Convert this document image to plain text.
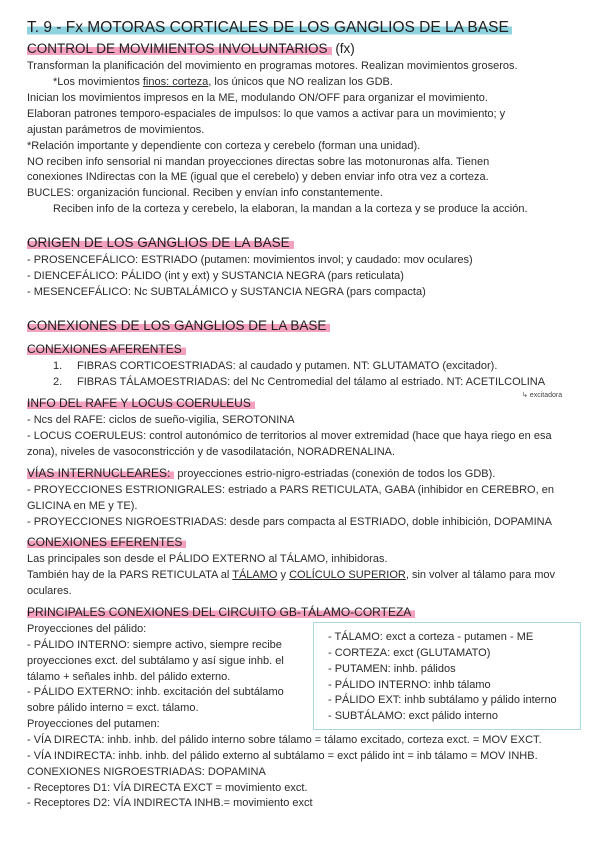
T. 9 - Fx MOTORAS CORTICALES DE LOS GANGLIOS DE LA BASE
CONTROL DE MOVIMIENTOS INVOLUNTARIOS (fx)
Transforman la planificación del movimiento en programas motores. Realizan movimientos groseros.
*Los movimientos finos: corteza, los únicos que NO realizan los GDB.
Inician los movimientos impresos en la ME, modulando ON/OFF para organizar el movimiento.
Elaboran patrones temporo-espaciales de impulsos: lo que vamos a activar para un movimiento; y
ajustan parámetros de movimientos.
*Relación importante y dependiente con corteza y cerebelo (forman una unidad).
NO reciben info sensorial ni mandan proyecciones directas sobre las motonuronas alfa. Tienen
conexiones INdirectas con la ME (igual que el cerebelo) y deben enviar info otra vez a corteza.
BUCLES: organización funcional. Reciben y envían info constantemente.
Reciben info de la corteza y cerebelo, la elaboran, la mandan a la corteza y se produce la acción.
ORIGEN DE LOS GANGLIOS DE LA BASE
- PROSENCEFÁLICO: ESTRIADO (putamen: movimientos invol; y caudado: mov oculares)
- DIENCEFÁLICO: PÁLIDO (int y ext) y SUSTANCIA NEGRA (pars reticulata)
- MESENCEFÁLICO: Nc SUBTALÁMICO y SUSTANCIA NEGRA (pars compacta)
CONEXIONES DE LOS GANGLIOS DE LA BASE
CONEXIONES AFERENTES
1. FIBRAS CORTICOESTRIADAS: al caudado y putamen. NT: GLUTAMATO (excitador).
2. FIBRAS TÁLAMOESTRIADAS: del Nc Centromedial del tálamo al estriado. NT: ACETILCOLINA
↳ excitadora
INFO DEL RAFE Y LOCUS COERULEUS
- Ncs del RAFE: ciclos de sueño-vigilia, SEROTONINA
- LOCUS COERULEUS: control autonómico de territorios al mover extremidad (hace que haya riego en esa
zona), niveles de vasoconstricción y de vasodilatación, NORADRENALINA.
VÍAS INTERNUCLEARES: proyecciones estrio-nigro-estriadas (conexión de todos los GDB).
- PROYECCIONES ESTRIONIGRALES: estriado a PARS RETICULATA, GABA (inhibidor en CEREBRO, en
GLICINA en ME y TE).
- PROYECCIONES NIGROESTRIADAS: desde pars compacta al ESTRIADO, doble inhibición, DOPAMINA
CONEXIONES EFERENTES
Las principales son desde el PÁLIDO EXTERNO al TÁLAMO, inhibidoras.
También hay de la PARS RETICULATA al TÁLAMO y COLÍCULO SUPERIOR, sin volver al tálamo para mov
oculares.
PRINCIPALES CONEXIONES DEL CIRCUITO GB-TÁLAMO-CORTEZA
Proyecciones del pálido:
- PÁLIDO INTERNO: siempre activo, siempre recibe
proyecciones exct. del subtálamo y así sigue inhb. el
tálamo + señales inhb. del pálido externo.
- PÁLIDO EXTERNO: inhb. excitación del subtálamo
sobre pálido interno = exct. tálamo.
Proyecciones del putamen:
- VÍA DIRECTA: inhb. inhb. del pálido interno sobre tálamo = tálamo excitado, corteza exct. = MOV EXCT.
- VÍA INDIRECTA: inhb. inhb. del pálido externo al subtálamo = exct pálido int = inb tálamo = MOV INHB.
CONEXIONES NIGROESTRIADAS: DOPAMINA
- Receptores D1: VÍA DIRECTA EXCT = movimiento exct.
- Receptores D2: VÍA INDIRECTA INHB.= movimiento exct
- TÁLAMO: exct a corteza - putamen - ME
- CORTEZA: exct (GLUTAMATO)
- PUTAMEN: inhb. pálidos
- PÁLIDO INTERNO: inhb tálamo
- PÁLIDO EXT: inhb subtálamo y pálido interno
- SUBTÁLAMO: exct pálido interno
